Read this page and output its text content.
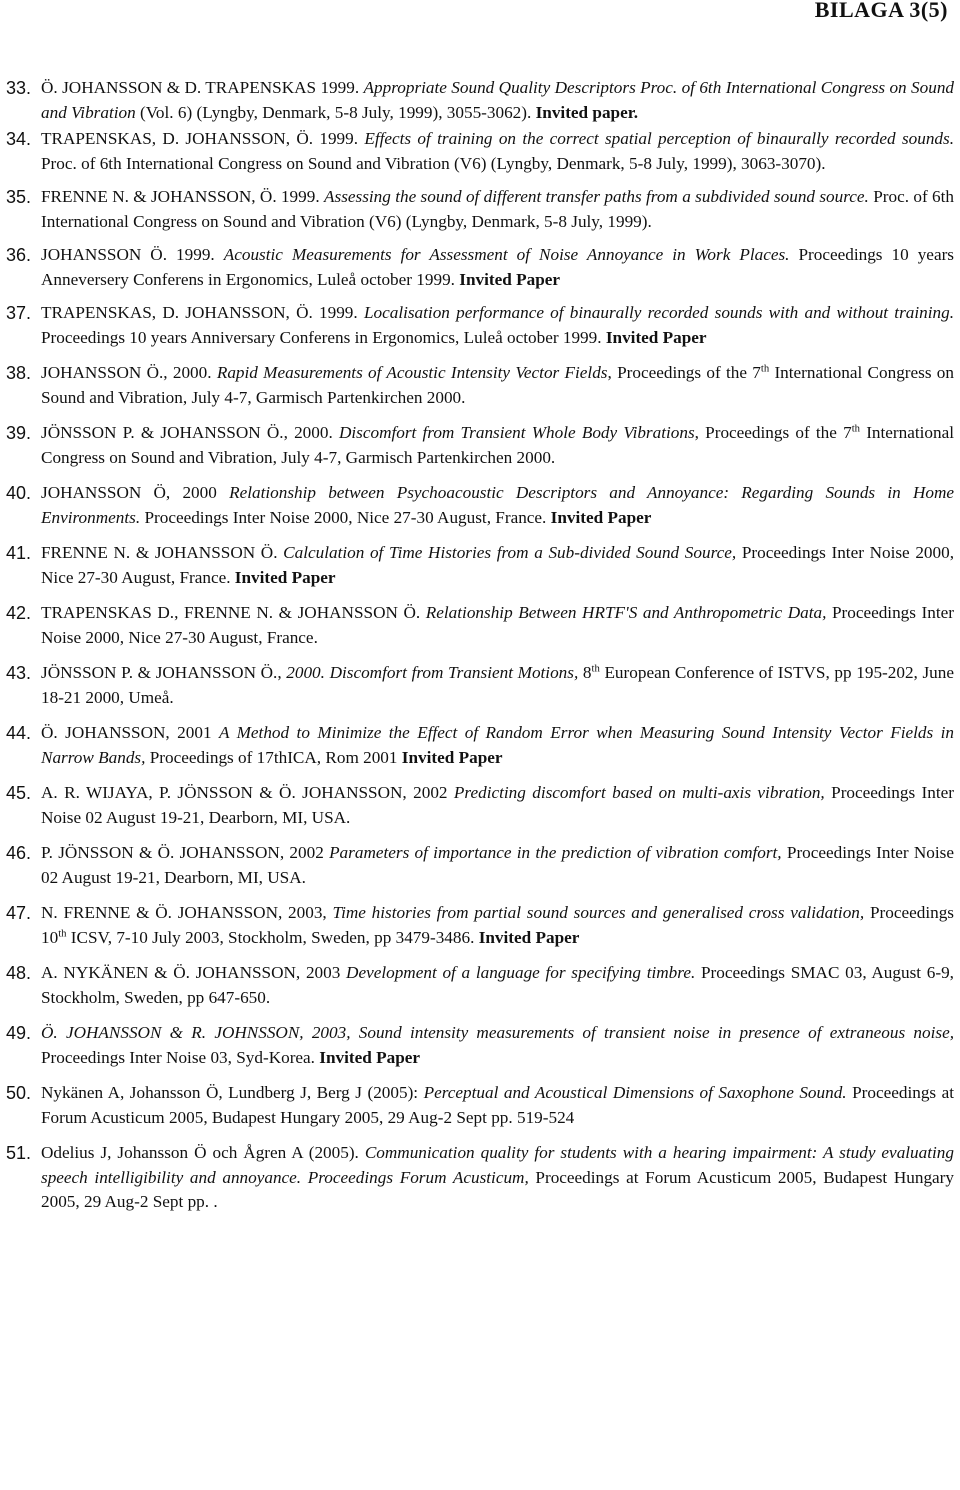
BILAGA 3(5)
33. Ö. JOHANSSON & D. TRAPENSKAS 1999. Appropriate Sound Quality Descriptors Proc. of 6th International Congress on Sound and Vibration (Vol. 6) (Lyngby, Denmark, 5-8 July, 1999), 3055-3062). Invited paper.
34. TRAPENSKAS, D. JOHANSSON, Ö. 1999. Effects of training on the correct spatial perception of binaurally recorded sounds. Proc. of 6th International Congress on Sound and Vibration (V6) (Lyngby, Denmark, 5-8 July, 1999), 3063-3070).
35. FRENNE N. & JOHANSSON, Ö. 1999. Assessing the sound of different transfer paths from a subdivided sound source. Proc. of 6th International Congress on Sound and Vibration (V6) (Lyngby, Denmark, 5-8 July, 1999).
36. JOHANSSON Ö. 1999. Acoustic Measurements for Assessment of Noise Annoyance in Work Places. Proceedings 10 years Anneversery Conferens in Ergonomics, Luleå october 1999. Invited Paper
37. TRAPENSKAS, D. JOHANSSON, Ö. 1999. Localisation performance of binaurally recorded sounds with and without training. Proceedings 10 years Anniversary Conferens in Ergonomics, Luleå october 1999. Invited Paper
38. JOHANSSON Ö., 2000. Rapid Measurements of Acoustic Intensity Vector Fields, Proceedings of the 7th International Congress on Sound and Vibration, July 4-7, Garmisch Partenkirchen 2000.
39. JÖNSSON P. & JOHANSSON Ö., 2000. Discomfort from Transient Whole Body Vibrations, Proceedings of the 7th International Congress on Sound and Vibration, July 4-7, Garmisch Partenkirchen 2000.
40. JOHANSSON Ö, 2000 Relationship between Psychoacoustic Descriptors and Annoyance: Regarding Sounds in Home Environments. Proceedings Inter Noise 2000, Nice 27-30 August, France. Invited Paper
41. FRENNE N. & JOHANSSON Ö. Calculation of Time Histories from a Sub-divided Sound Source, Proceedings Inter Noise 2000, Nice 27-30 August, France. Invited Paper
42. TRAPENSKAS D., FRENNE N. & JOHANSSON Ö. Relationship Between HRTF'S and Anthropometric Data, Proceedings Inter Noise 2000, Nice 27-30 August, France.
43. JÖNSSON P. & JOHANSSON Ö., 2000. Discomfort from Transient Motions, 8th European Conference of ISTVS, pp 195-202, June 18-21 2000, Umeå.
44. Ö. JOHANSSON, 2001 A Method to Minimize the Effect of Random Error when Measuring Sound Intensity Vector Fields in Narrow Bands, Proceedings of 17thICA, Rom 2001 Invited Paper
45. A. R. WIJAYA, P. JÖNSSON & Ö. JOHANSSON, 2002 Predicting discomfort based on multi-axis vibration, Proceedings Inter Noise 02 August 19-21, Dearborn, MI, USA.
46. P. JÖNSSON & Ö. JOHANSSON, 2002 Parameters of importance in the prediction of vibration comfort, Proceedings Inter Noise 02 August 19-21, Dearborn, MI, USA.
47. N. FRENNE & Ö. JOHANSSON, 2003, Time histories from partial sound sources and generalised cross validation, Proceedings 10th ICSV, 7-10 July 2003, Stockholm, Sweden, pp 3479-3486. Invited Paper
48. A. NYKÄNEN & Ö. JOHANSSON, 2003 Development of a language for specifying timbre. Proceedings SMAC 03, August 6-9, Stockholm, Sweden, pp 647-650.
49. Ö. JOHANSSON & R. JOHNSSON, 2003, Sound intensity measurements of transient noise in presence of extraneous noise, Proceedings Inter Noise 03, Syd-Korea. Invited Paper
50. Nykänen A, Johansson Ö, Lundberg J, Berg J (2005): Perceptual and Acoustical Dimensions of Saxophone Sound. Proceedings at Forum Acusticum 2005, Budapest Hungary 2005, 29 Aug-2 Sept pp. 519-524
51. Odelius J, Johansson Ö och Ågren A (2005). Communication quality for students with a hearing impairment: A study evaluating speech intelligibility and annoyance. Proceedings Forum Acusticum, Proceedings at Forum Acusticum 2005, Budapest Hungary 2005, 29 Aug-2 Sept pp. .
